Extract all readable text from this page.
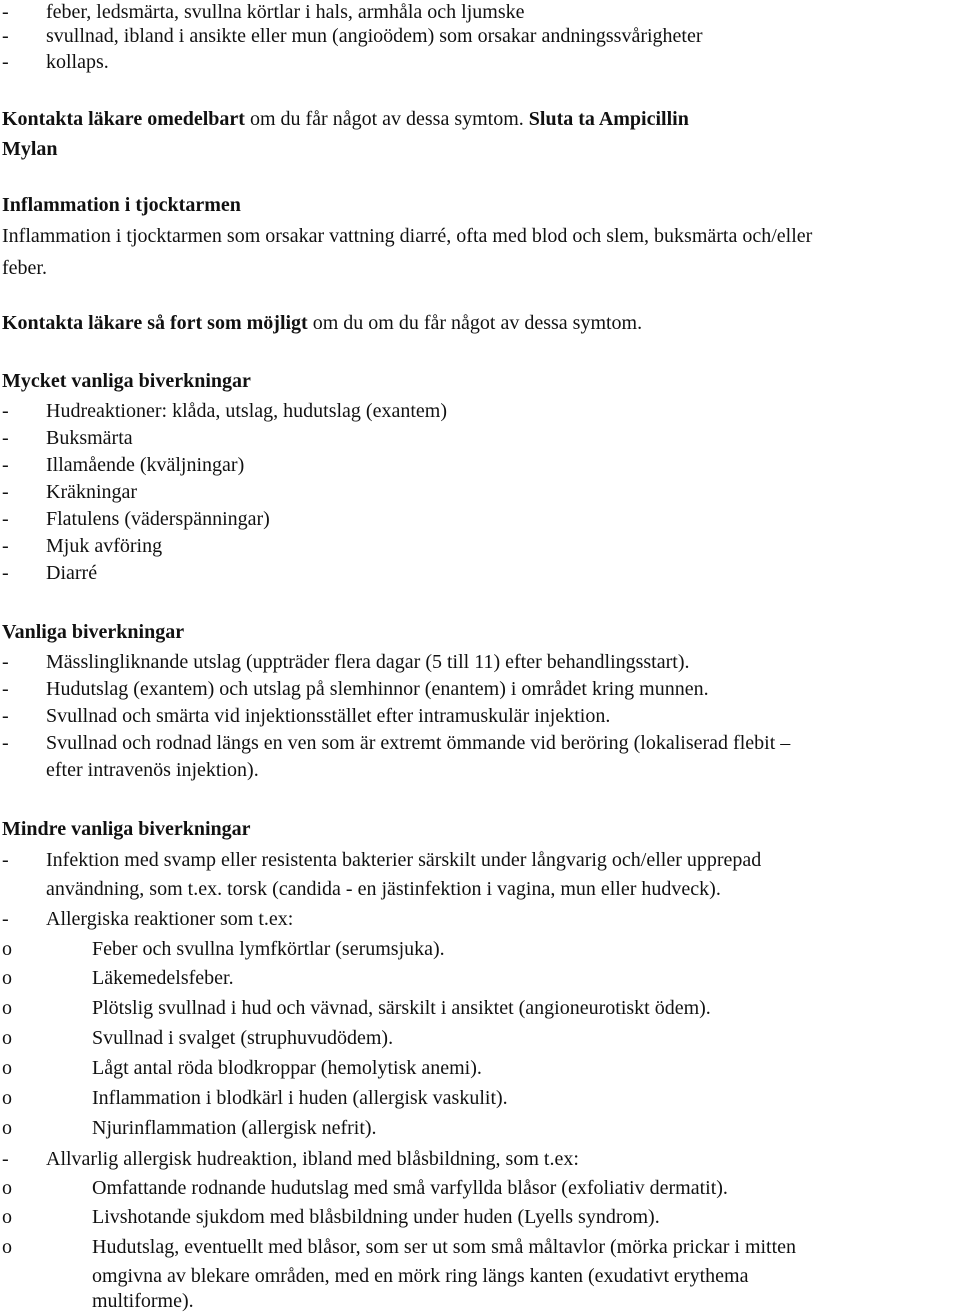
- feber, ledsmärta, svullna körtlar i hals, armhåla och ljumske
- svullnad, ibland i ansikte eller mun (angioödem) som orsakar andningssvårigheter
- kollaps.
Kontakta läkare omedelbart om du får något av dessa symtom. Sluta ta Ampicillin
Mylan
Inflammation i tjocktarmen
Inflammation i tjocktarmen som orsakar vattning diarré, ofta med blod och slem, buksmärta och/eller
feber.
Kontakta läkare så fort som möjligt om du om du får något av dessa symtom.
Mycket vanliga biverkningar
- Hudreaktioner: klåda, utslag, hudutslag (exantem)
- Buksmärta
- Illamående (kväljningar)
- Kräkningar
- Flatulens (väderspänningar)
- Mjuk avföring
- Diarré
Vanliga biverkningar
- Mässlingliknande utslag (uppträder flera dagar (5 till 11) efter behandlingsstart).
- Hudutslag (exantem) och utslag på slemhinnor (enantem) i området kring munnen.
- Svullnad och smärta vid injektionsstället efter intramuskulär injektion.
- Svullnad och rodnad längs en ven som är extremt ömmande vid beröring (lokaliserad flebit –
efter intravenös injektion).
Mindre vanliga biverkningar
- Infektion med svamp eller resistenta bakterier särskilt under långvarig och/eller upprepad
användning, som t.ex. torsk (candida - en jästinfektion i vagina, mun eller hudveck).
- Allergiska reaktioner som t.ex:
o	Feber och svullna lymfkörtlar (serumsjuka).
o	Läkemedelsfeber.
o	Plötslig svullnad i hud och vävnad, särskilt i ansiktet (angioneurotiskt ödem).
o	Svullnad i svalget (struphuvudödem).
o	Lågt antal röda blodkroppar (hemolytisk anemi).
o	Inflammation i blodkärl i huden (allergisk vaskulit).
o	Njurinflammation (allergisk nefrit).
- Allvarlig allergisk hudreaktion, ibland med blåsbildning, som t.ex:
o	Omfattande rodnande hudutslag med små varfyllda blåsor (exfoliativ dermatit).
o	Livshotande sjukdom med blåsbildning under huden (Lyells syndrom).
o	Hudutslag, eventuellt med blåsor, som ser ut som små måltavlor (mörka prickar i mitten
omgivna av blekare områden, med en mörk ring längs kanten (exudativt erythema
multiforme).
